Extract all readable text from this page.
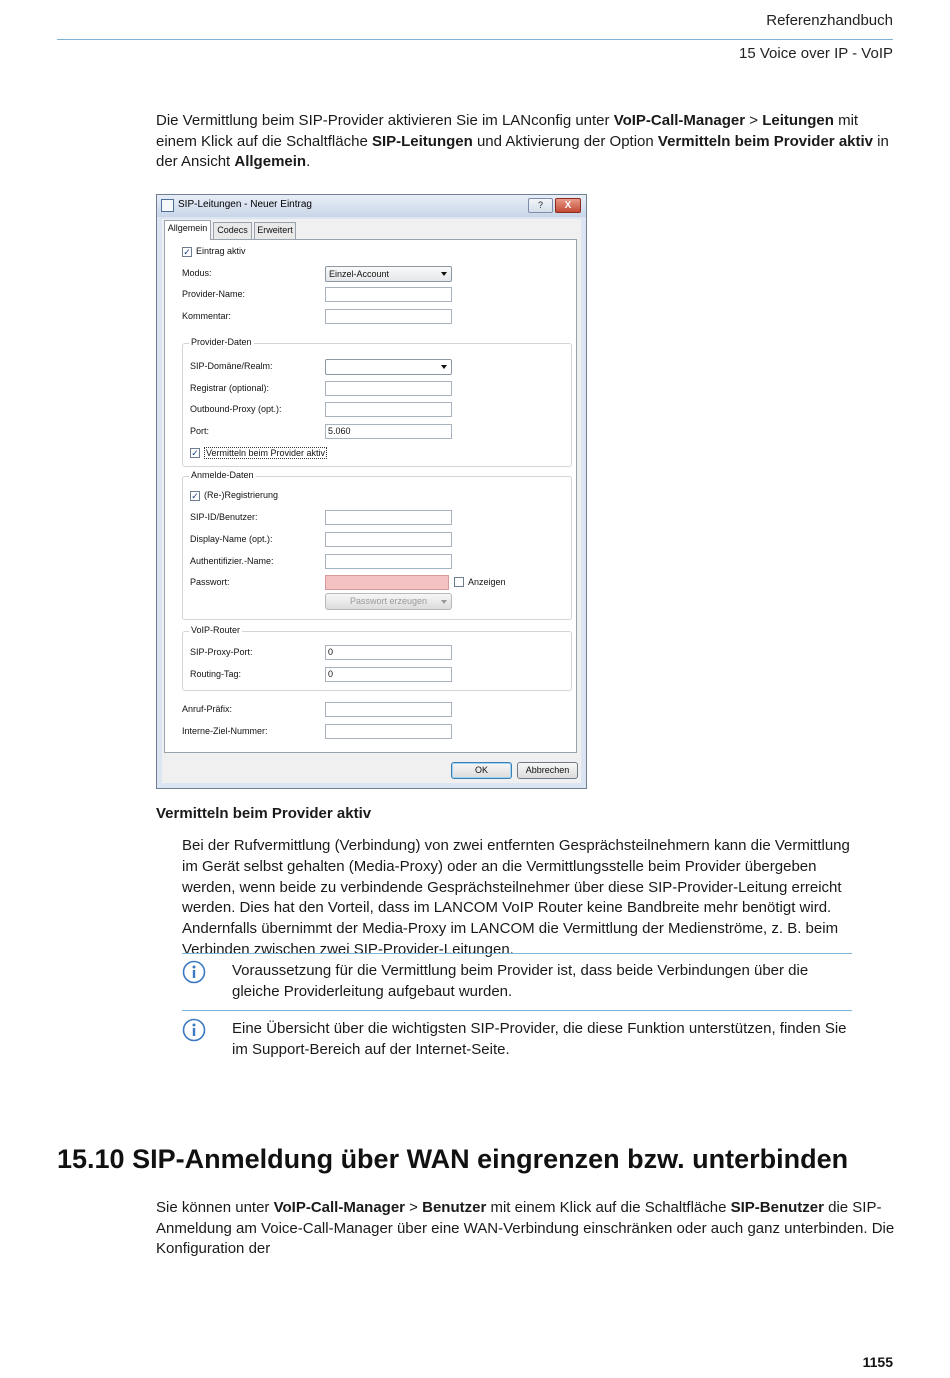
Referenzhandbuch
15 Voice over IP - VoIP
Die Vermittlung beim SIP-Provider aktivieren Sie im LANconfig unter VoIP-Call-Manager > Leitungen mit einem Klick auf die Schaltfläche SIP-Leitungen und Aktivierung der Option Vermitteln beim Provider aktiv in der Ansicht Allgemein.
SIP-Leitungen - Neuer Eintrag	?	X
Allgemein	Codecs	Erweitert
✓ Eintrag aktiv
Modus:	Einzel-Account
Provider-Name:
Kommentar:
Provider-Daten
SIP-Domäne/Realm:
Registrar (optional):
Outbound-Proxy (opt.):
Port:	5.060
✓ Vermitteln beim Provider aktiv
Anmelde-Daten
✓ (Re-)Registrierung
SIP-ID/Benutzer:
Display-Name (opt.):
Authentifizier.-Name:
Passwort:	Anzeigen
Passwort erzeugen
VoIP-Router
SIP-Proxy-Port:	0
Routing-Tag:	0
Anruf-Präfix:
Interne-Ziel-Nummer:
OK	Abbrechen
Vermitteln beim Provider aktiv
Bei der Rufvermittlung (Verbindung) von zwei entfernten Gesprächsteilnehmern kann die Vermittlung im Gerät selbst gehalten (Media-Proxy) oder an die Vermittlungsstelle beim Provider übergeben werden, wenn beide zu verbindende Gesprächsteilnehmer über diese SIP-Provider-Leitung erreicht werden. Dies hat den Vorteil, dass im LANCOM VoIP Router keine Bandbreite mehr benötigt wird. Andernfalls übernimmt der Media-Proxy im LANCOM die Vermittlung der Medienströme, z. B. beim Verbinden zwischen zwei SIP-Provider-Leitungen.
Voraussetzung für die Vermittlung beim Provider ist, dass beide Verbindungen über die gleiche Providerleitung aufgebaut wurden.
Eine Übersicht über die wichtigsten SIP-Provider, die diese Funktion unterstützen, finden Sie im Support-Bereich auf der Internet-Seite.
15.10 SIP-Anmeldung über WAN eingrenzen bzw. unterbinden
Sie können unter VoIP-Call-Manager > Benutzer mit einem Klick auf die Schaltfläche SIP-Benutzer die SIP-Anmeldung am Voice-Call-Manager über eine WAN-Verbindung einschränken oder auch ganz unterbinden. Die Konfiguration der
1155
